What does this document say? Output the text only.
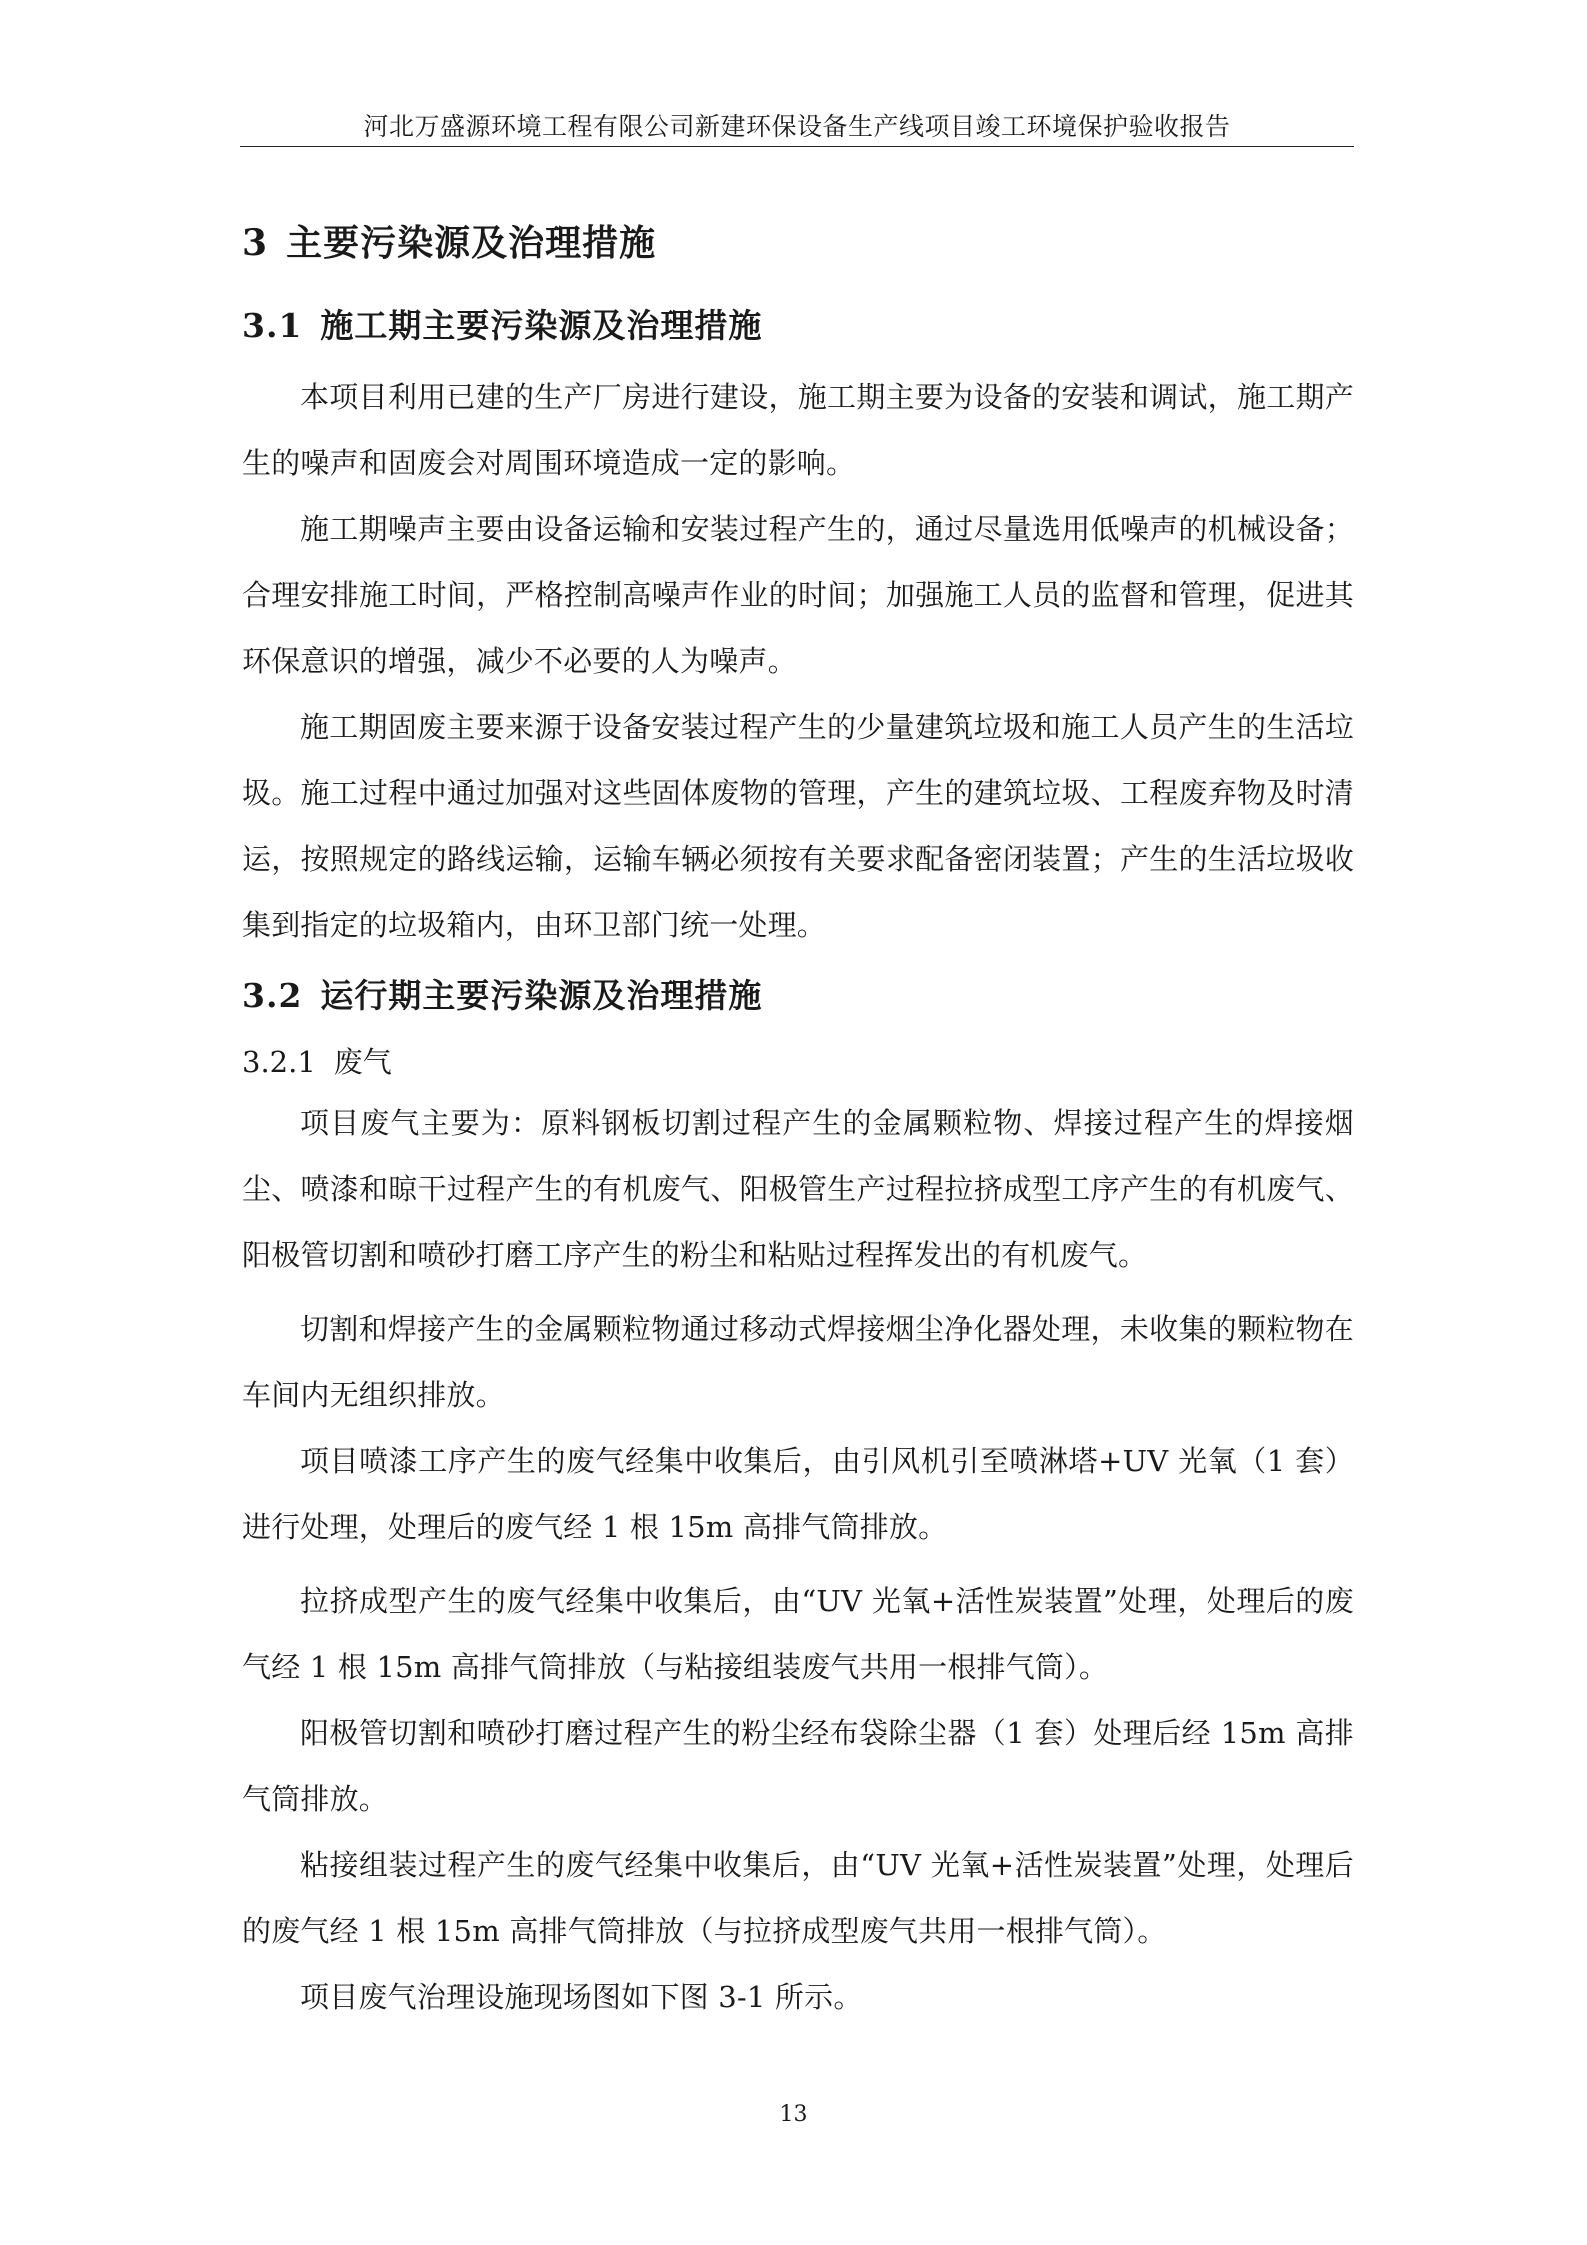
河北万盛源环境工程有限公司新建环保设备生产线项目竣工环境保护验收报告
3 主要污染源及治理措施
3.1 施工期主要污染源及治理措施

本项目利用已建的生产厂房进行建设，施工期主要为设备的安装和调试，施工期产生的噪声和固废会对周围环境造成一定的影响。

施工期噪声主要由设备运输和安装过程产生的，通过尽量选用低噪声的机械设备；合理安排施工时间，严格控制高噪声作业的时间；加强施工人员的监督和管理，促进其环保意识的增强，减少不必要的人为噪声。

施工期固废主要来源于设备安装过程产生的少量建筑垃圾和施工人员产生的生活垃圾。施工过程中通过加强对这些固体废物的管理，产生的建筑垃圾、工程废弃物及时清运，按照规定的路线运输，运输车辆必须按有关要求配备密闭装置；产生的生活垃圾收集到指定的垃圾箱内，由环卫部门统一处理。

3.2 运行期主要污染源及治理措施
3.2.1 废气

项目废气主要为：原料钢板切割过程产生的金属颗粒物、焊接过程产生的焊接烟尘、喷漆和晾干过程产生的有机废气、阳极管生产过程拉挤成型工序产生的有机废气、阳极管切割和喷砂打磨工序产生的粉尘和粘贴过程挥发出的有机废气。

切割和焊接产生的金属颗粒物通过移动式焊接烟尘净化器处理，未收集的颗粒物在车间内无组织排放。

项目喷漆工序产生的废气经集中收集后，由引风机引至喷淋塔+UV 光氧（1 套）进行处理，处理后的废气经 1 根 15m 高排气筒排放。

拉挤成型产生的废气经集中收集后，由“UV 光氧+活性炭装置”处理，处理后的废气经 1 根 15m 高排气筒排放（与粘接组装废气共用一根排气筒）。

阳极管切割和喷砂打磨过程产生的粉尘经布袋除尘器（1 套）处理后经 15m 高排气筒排放。

粘接组装过程产生的废气经集中收集后，由“UV 光氧+活性炭装置”处理，处理后的废气经 1 根 15m 高排气筒排放（与拉挤成型废气共用一根排气筒）。

项目废气治理设施现场图如下图 3-1 所示。

13
